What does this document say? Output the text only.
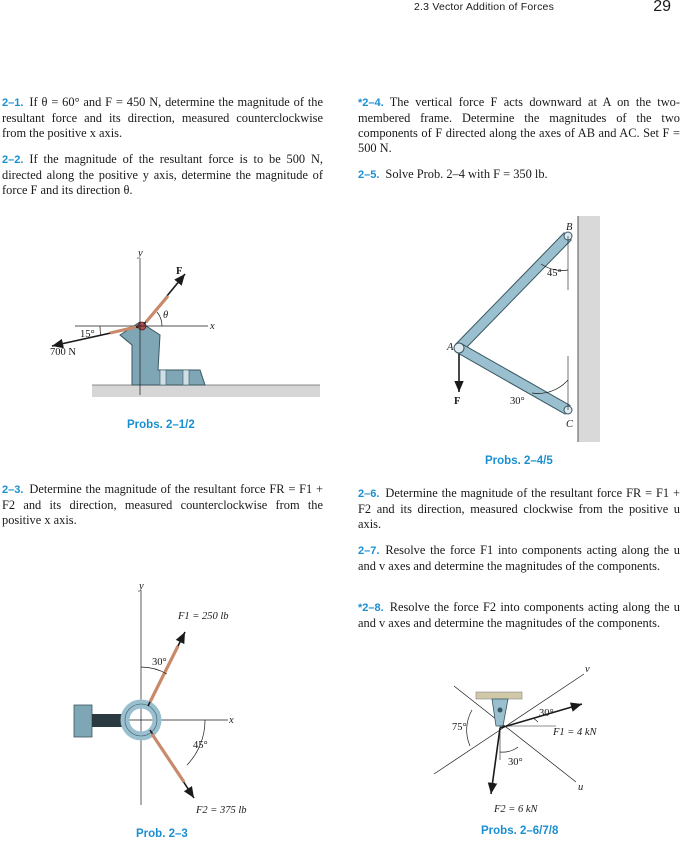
2.3 Vector Addition of Forces	29
2–1. If θ = 60° and F = 450 N, determine the magnitude of the resultant force and its direction, measured counterclockwise from the positive x axis.
2–2. If the magnitude of the resultant force is to be 500 N, directed along the positive y axis, determine the magnitude of force F and its direction θ.
2–3. Determine the magnitude of the resultant force FR = F1 + F2 and its direction, measured counterclockwise from the positive x axis.
*2–4. The vertical force F acts downward at A on the two-membered frame. Determine the magnitudes of the two components of F directed along the axes of AB and AC. Set F = 500 N.
2–5. Solve Prob. 2–4 with F = 350 lb.
2–6. Determine the magnitude of the resultant force FR = F1 + F2 and its direction, measured clockwise from the positive u axis.
2–7. Resolve the force F1 into components acting along the u and v axes and determine the magnitudes of the components.
*2–8. Resolve the force F2 into components acting along the u and v axes and determine the magnitudes of the components.
y
x
F
θ
15°
700 N
Probs. 2–1/2
y
x
F1 = 250 lb
F2 = 375 lb
30°
45°
Prob. 2–3
A
B
C
F
45°
30°
Probs. 2–4/5
v
u
30°
75°
30°
F1 = 4 kN
F2 = 6 kN
Probs. 2–6/7/8
